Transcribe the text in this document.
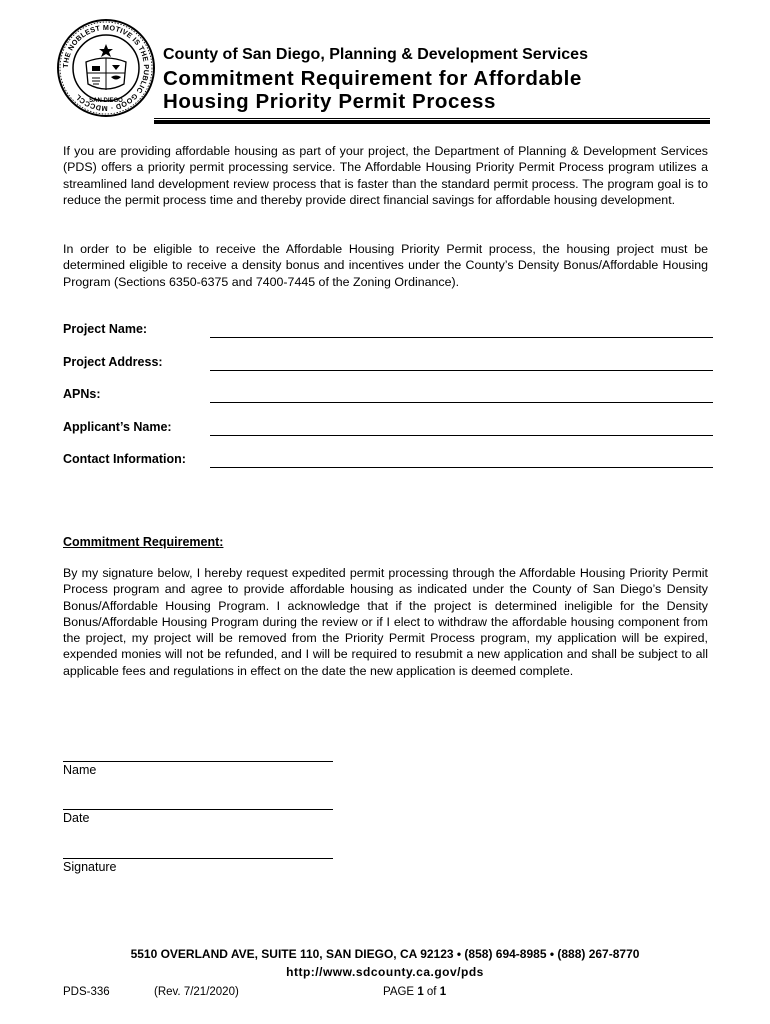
SAN DIEGO
THE NOBLEST MOTIVE IS THE PUBLIC GOOD · MDCCCL
County of San Diego, Planning & Development Services
Commitment Requirement for Affordable
Housing Priority Permit Process

If you are providing affordable housing as part of your project, the Department of Planning & Development Services (PDS) offers a priority permit processing service. The Affordable Housing Priority Permit Process program utilizes a streamlined land development review process that is faster than the standard permit process. The program goal is to reduce the permit process time and thereby provide direct financial savings for affordable housing development.

In order to be eligible to receive the Affordable Housing Priority Permit process, the housing project must be determined eligible to receive a density bonus and incentives under the County’s Density Bonus/Affordable Housing Program (Sections 6350-6375 and 7400-7445 of the Zoning Ordinance).

Project Name:
Project Address:
APNs:
Applicant’s Name:
Contact Information:
Commitment Requirement:

By my signature below, I hereby request expedited permit processing through the Affordable Housing Priority Permit Process program and agree to provide affordable housing as indicated under the County of San Diego’s Density Bonus/Affordable Housing Program. I acknowledge that if the project is determined ineligible for the Density Bonus/Affordable Housing Program during the review or if I elect to withdraw the affordable housing component from the project, my project will be removed from the Priority Permit Process program, my application will be expired, expended monies will not be refunded, and I will be required to resubmit a new application and shall be subject to all applicable fees and regulations in effect on the date the new application is deemed complete.

Name
Date
Signature
5510 OVERLAND AVE, SUITE 110, SAN DIEGO, CA 92123 • (858) 694-8985 • (888) 267-8770
http://www.sdcounty.ca.gov/pds
PDS-336	(Rev. 7/21/2020)	PAGE 1 of 1
